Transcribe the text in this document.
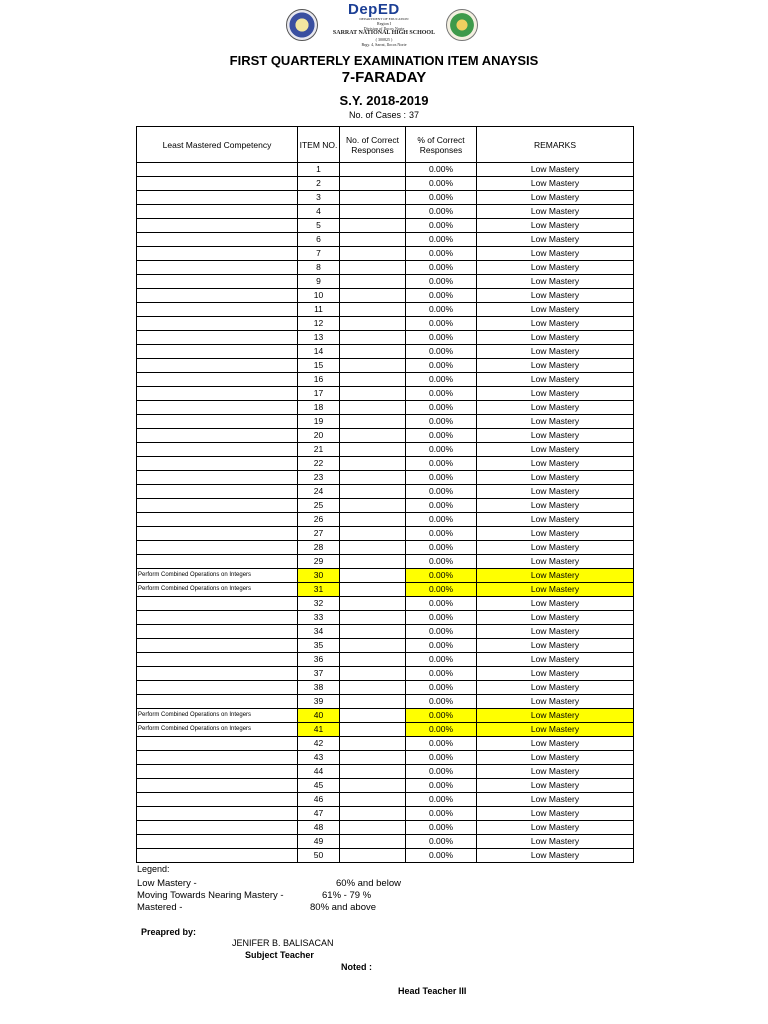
DepED
DEPARTMENT OF EDUCATION
Region I
Division of Ilocos Norte
SARRAT NATIONAL HIGH SCHOOL
( 300825 )
Brgy. 4, Sarrat, Ilocos Norte
FIRST QUARTERLY EXAMINATION ITEM ANAYSIS
7-FARADAY
S.Y. 2018-2019
No. of Cases : 37
Least Mastered Competency	ITEM NO.	No. of Correct Responses	% of Correct Responses	REMARKS
	1		0.00%	Low Mastery
	2		0.00%	Low Mastery
	3		0.00%	Low Mastery
	4		0.00%	Low Mastery
	5		0.00%	Low Mastery
	6		0.00%	Low Mastery
	7		0.00%	Low Mastery
	8		0.00%	Low Mastery
	9		0.00%	Low Mastery
	10		0.00%	Low Mastery
	11		0.00%	Low Mastery
	12		0.00%	Low Mastery
	13		0.00%	Low Mastery
	14		0.00%	Low Mastery
	15		0.00%	Low Mastery
	16		0.00%	Low Mastery
	17		0.00%	Low Mastery
	18		0.00%	Low Mastery
	19		0.00%	Low Mastery
	20		0.00%	Low Mastery
	21		0.00%	Low Mastery
	22		0.00%	Low Mastery
	23		0.00%	Low Mastery
	24		0.00%	Low Mastery
	25		0.00%	Low Mastery
	26		0.00%	Low Mastery
	27		0.00%	Low Mastery
	28		0.00%	Low Mastery
	29		0.00%	Low Mastery
Perform Combined Operations on Integers	30		0.00%	Low Mastery
Perform Combined Operations on Integers	31		0.00%	Low Mastery
	32		0.00%	Low Mastery
	33		0.00%	Low Mastery
	34		0.00%	Low Mastery
	35		0.00%	Low Mastery
	36		0.00%	Low Mastery
	37		0.00%	Low Mastery
	38		0.00%	Low Mastery
	39		0.00%	Low Mastery
Perform Combined Operations on Integers	40		0.00%	Low Mastery
Perform Combined Operations on Integers	41		0.00%	Low Mastery
	42		0.00%	Low Mastery
	43		0.00%	Low Mastery
	44		0.00%	Low Mastery
	45		0.00%	Low Mastery
	46		0.00%	Low Mastery
	47		0.00%	Low Mastery
	48		0.00%	Low Mastery
	49		0.00%	Low Mastery
	50		0.00%	Low Mastery
Legend:
Low Mastery -	60% and below
Moving Towards Nearing Mastery -	61% - 79 %
Mastered -	80% and above
Preapred by:
JENIFER B. BALISACAN
Subject Teacher
Noted :
Head Teacher III
